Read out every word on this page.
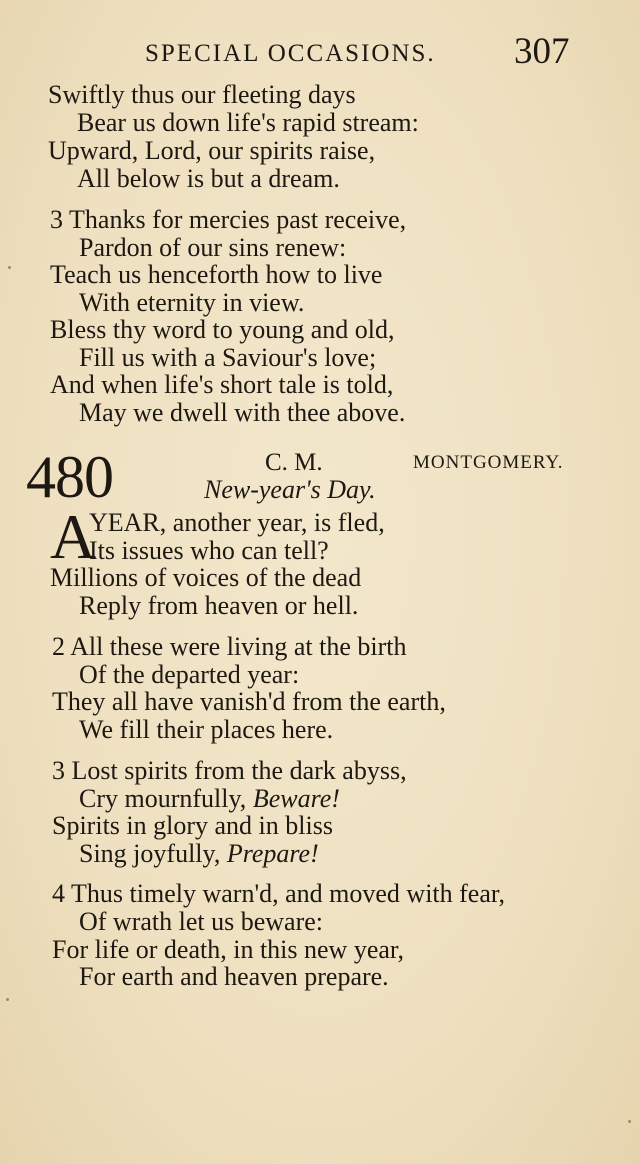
SPECIAL OCCASIONS. 307
Swiftly thus our fleeting days
Bear us down life's rapid stream:
Upward, Lord, our spirits raise,
All below is but a dream.
3 Thanks for mercies past receive,
Pardon of our sins renew:
Teach us henceforth how to live
With eternity in view.
Bless thy word to young and old,
Fill us with a Saviour's love;
And when life's short tale is told,
May we dwell with thee above.
480	C. M.	MONTGOMERY.
New-year's Day.
A
YEAR, another year, is fled,
Its issues who can tell?
Millions of voices of the dead
Reply from heaven or hell.
2 All these were living at the birth
Of the departed year:
They all have vanish'd from the earth,
We fill their places here.
3 Lost spirits from the dark abyss,
Cry mournfully, Beware!
Spirits in glory and in bliss
Sing joyfully, Prepare!
4 Thus timely warn'd, and moved with fear,
Of wrath let us beware:
For life or death, in this new year,
For earth and heaven prepare.
